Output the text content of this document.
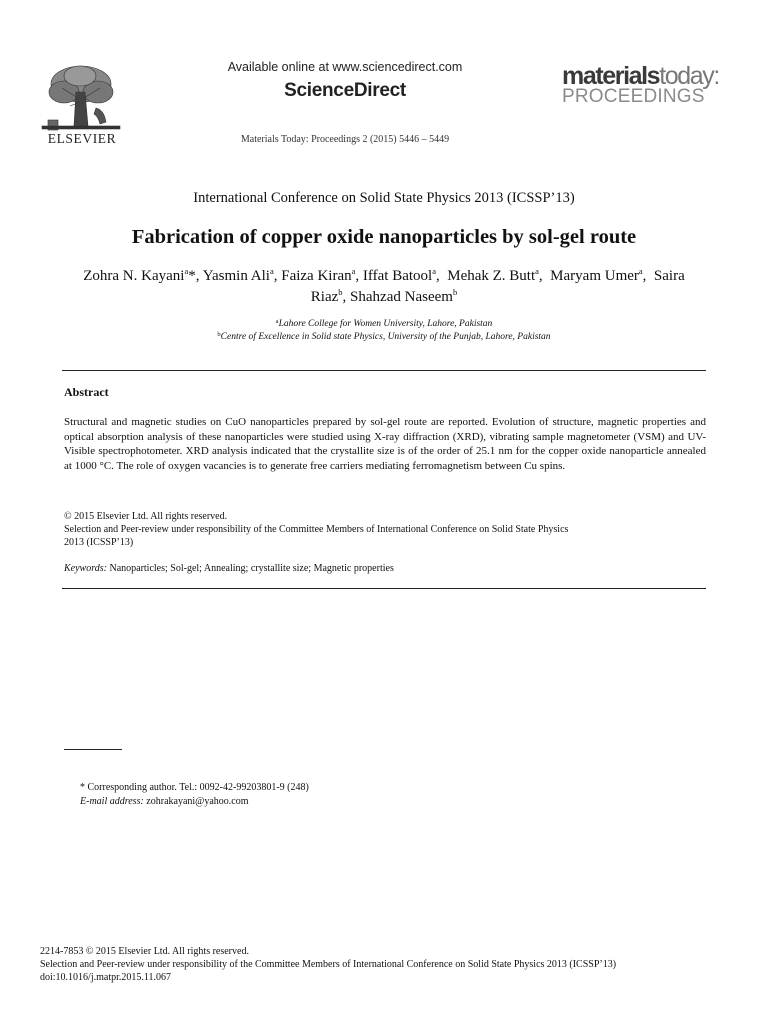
ELSEVIER
Available online at www.sciencedirect.com
ScienceDirect
Materials Today: Proceedings 2 (2015) 5446 – 5449
materialstoday:
PROCEEDINGS
International Conference on Solid State Physics 2013 (ICSSP’13)
Fabrication of copper oxide nanoparticles by sol-gel route
Zohra N. Kayani$^a$*, Yasmin Ali$^a$, Faiza Kiran$^a$, Iffat Batool$^a$,  Mehak Z. Butt$^a$,  Maryam Umer$^a$,  Saira Riaz$^b$, Shahzad Naseem$^b$
$^a$Lahore College for Women University, Lahore, Pakistan
$^b$Centre of Excellence in Solid state Physics, University of the Punjab, Lahore, Pakistan
Abstract
Structural and magnetic studies on CuO nanoparticles prepared by sol-gel route are reported. Evolution of structure, magnetic properties and optical absorption analysis of these nanoparticles were studied using X-ray diffraction (XRD), vibrating sample magnetometer (VSM) and UV-Visible spectrophotometer. XRD analysis indicated that the crystallite size is of the order of 25.1 nm for the copper oxide nanoparticle annealed at 1000 °C. The role of oxygen vacancies is to generate free carriers mediating ferromagnetism between Cu spins.
© 2015 Elsevier Ltd. All rights reserved.
Selection and Peer-review under responsibility of the Committee Members of International Conference on Solid State Physics
2013 (ICSSP’13)
Keywords: Nanoparticles; Sol-gel; Annealing; crystallite size; Magnetic properties
* Corresponding author. Tel.: 0092-42-99203801-9 (248)
E-mail address: zohrakayani@yahoo.com
2214-7853 © 2015 Elsevier Ltd. All rights reserved.
Selection and Peer-review under responsibility of the Committee Members of International Conference on Solid State Physics 2013 (ICSSP’13)
doi:10.1016/j.matpr.2015.11.067
